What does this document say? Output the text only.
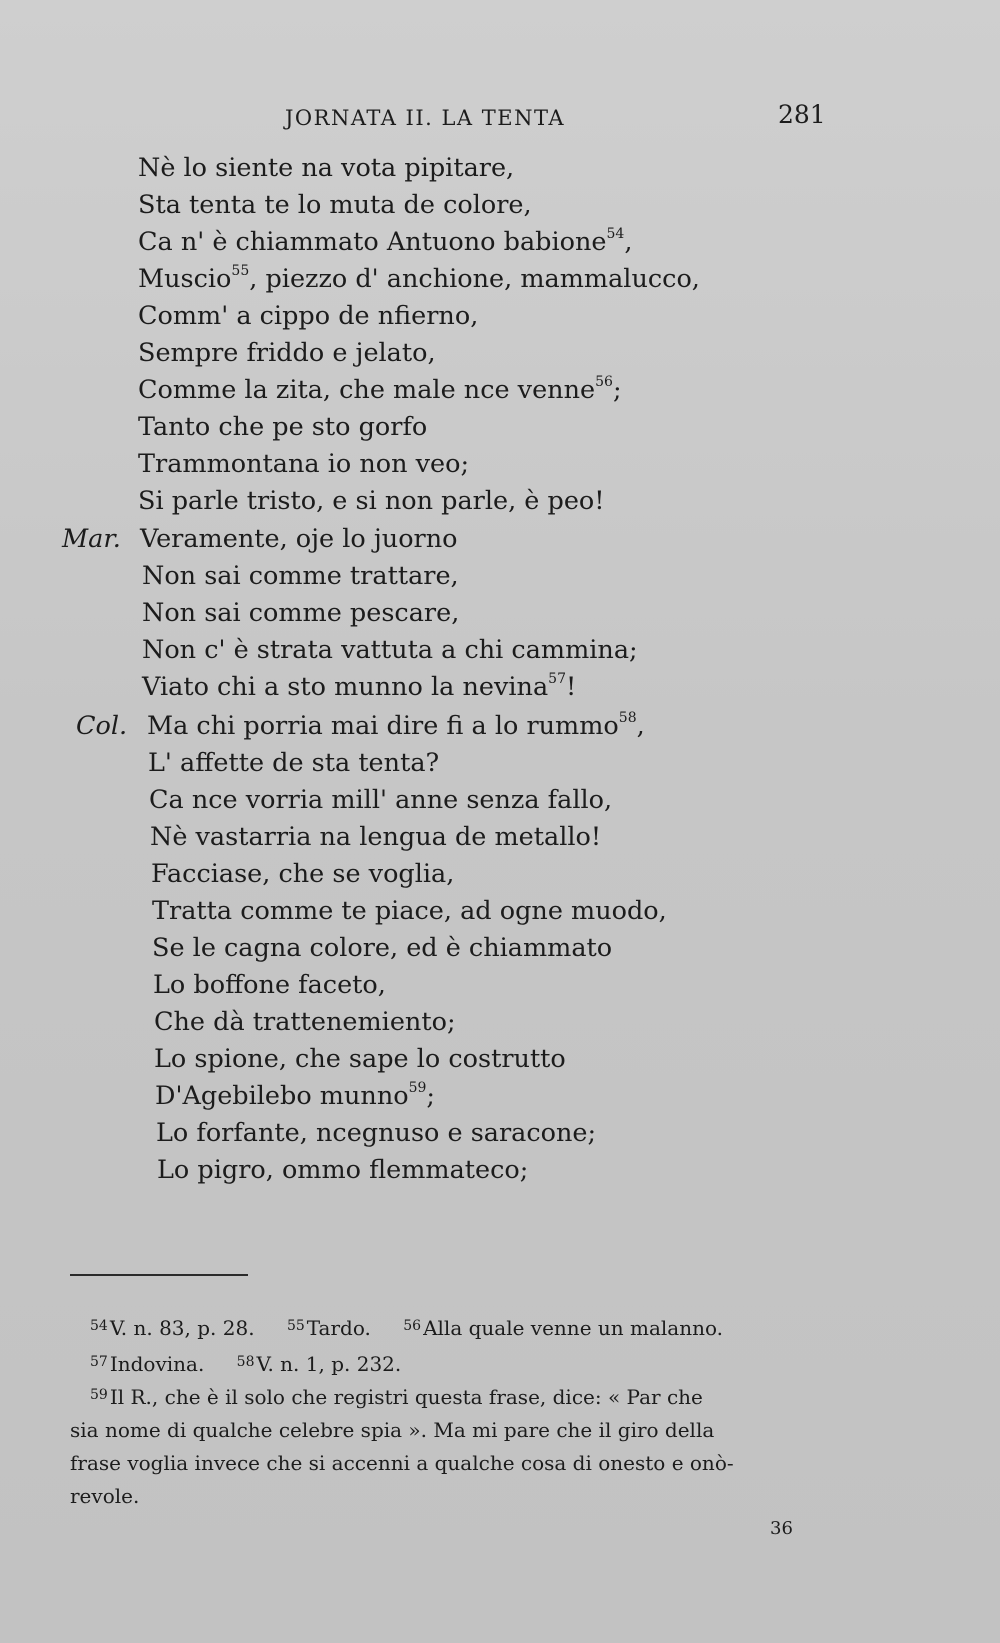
JORNATA II. LA TENTA	281
Nè lo siente na vota pipitare,
Sta tenta te lo muta de colore,
Ca n' è chiammato Antuono babione$^{54}$,
Muscio$^{55}$, piezzo d' anchione, mammalucco,
Comm' a cippo de nfierno,
Sempre friddo e jelato,
Comme la zita, che male nce venne$^{56}$;
Tanto che pe sto gorfo
Trammontana io non veo;
Si parle tristo, e si non parle, è peo!
Mar. Veramente, oje lo juorno
Non sai comme trattare,
Non sai comme pescare,
Non c' è strata vattuta a chi cammina;
Viato chi a sto munno la nevina$^{57}$!
Col. Ma chi porria mai dire fi a lo rummo$^{58}$,
L' affette de sta tenta?
Ca nce vorria mill' anne senza fallo,
Nè vastarria na lengua de metallo!
Facciase, che se voglia,
Tratta comme te piace, ad ogne muodo,
Se le cagna colore, ed è chiammato
Lo boffone faceto,
Che dà trattenemiento;
Lo spione, che sape lo costrutto
D'Agebilebo munno$^{59}$;
Lo forfante, ncegnuso e saracone;
Lo pigro, ommo flemmateco;
$^{54}$ V. n. 83, p. 28. $^{55}$ Tardo. $^{56}$ Alla quale venne un malanno.
$^{57}$ Indovina. $^{58}$ V. n. 1, p. 232.
$^{59}$ Il R., che è il solo che registri questa frase, dice: « Par che
sia nome di qualche celebre spia ». Ma mi pare che il giro della
frase voglia invece che si accenni a qualche cosa di onesto e onò-
revole.
36
